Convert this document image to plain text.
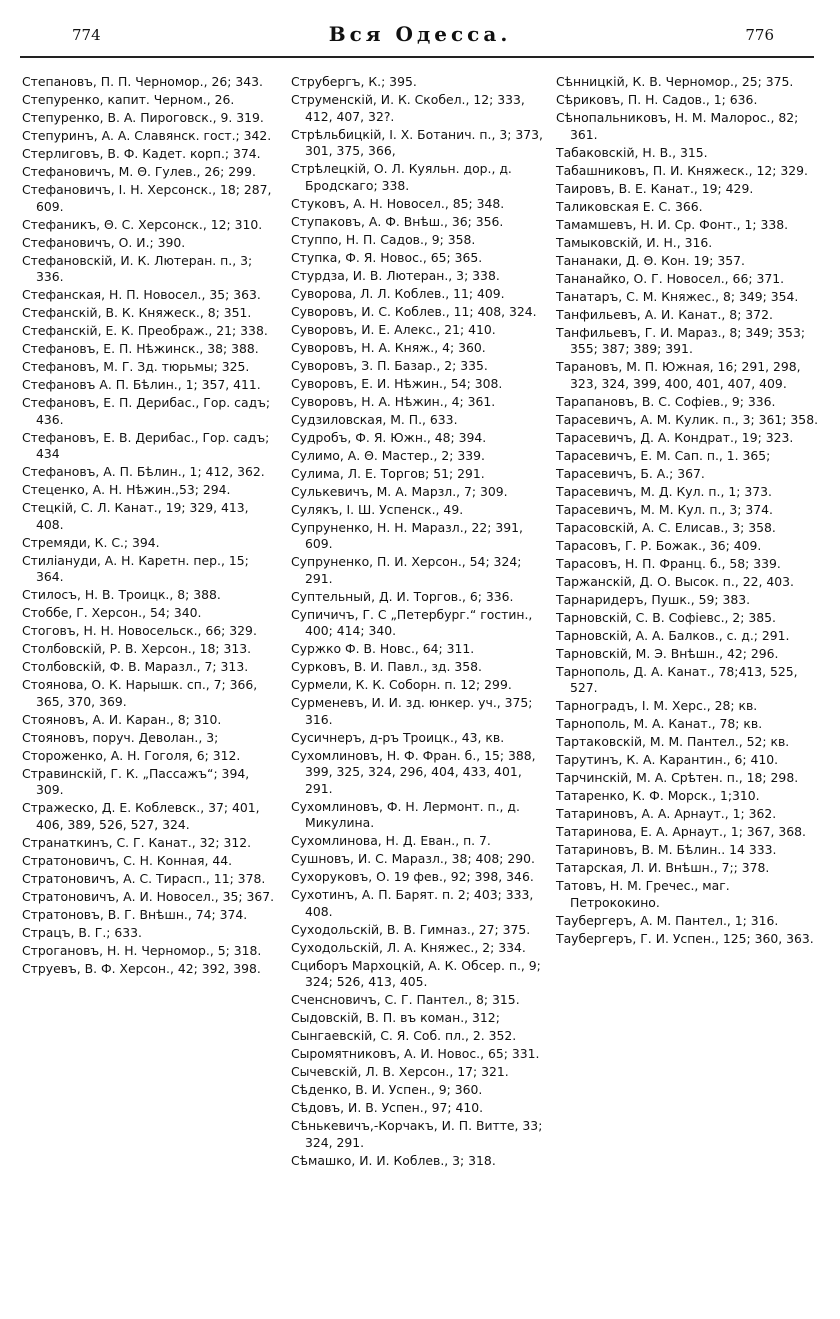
774	Вся Одесса.	776
Степановъ, П. П. Черномор., 26; 343.
Степуренко, капит. Черном., 26.
Степуренко, В. А. Пироговск., 9. 319.
Степуринъ, А. А. Славянск. гост.; 342.
Стерлиговъ, В. Ф. Кадет. корп.; 374.
Стефановичъ, М. Θ. Гулев., 26; 299.
Стефановичъ, І. Н. Херсонск., 18; 287, 609.
Стефаникъ, Θ. С. Херсонск., 12; 310.
Стефановичъ, О. И.; 390.
Стефановскій, И. К. Лютеран. п., 3; 336.
Стефанская, Н. П. Новосел., 35; 363.
Стефанскій, В. К. Княжеск., 8; 351.
Стефанскій, Е. К. Преображ., 21; 338.
Стефановъ, Е. П. Нѣжинск., 38; 388.
Стефановъ, М. Г. Зд. тюрьмы; 325.
Стефановъ А. П. Бѣлин., 1; 357, 411.
Стефановъ, Е. П. Дерибас., Гор. садъ; 436.
Стефановъ, Е. В. Дерибас., Гор. садъ; 434
Стефановъ, А. П. Бѣлин., 1; 412, 362.
Стеценко, А. Н. Нѣжин.,53; 294.
Стецкій, С. Л. Канат., 19; 329, 413, 408.
Стремяди, К. С.; 394.
Стиліануди, А. Н. Каретн. пер., 15; 364.
Стилосъ, Н. В. Троицк., 8; 388.
Стоббе, Г. Херсон., 54; 340.
Стоговъ, Н. Н. Новосельск., 66; 329.
Столбовскій, Р. В. Херсон., 18; 313.
Столбовскій, Ф. В. Маразл., 7; 313.
Стоянова, О. К. Нарышк. сп., 7; 366, 365, 370, 369.
Стояновъ, А. И. Каран., 8; 310.
Стояновъ, поруч. Деволан., 3;
Стороженко, А. Н. Гоголя, 6; 312.
Стравинскій, Г. К. „Пассажъ“; 394, 309.
Стражеско, Д. Е. Коблевск., 37; 401, 406, 389, 526, 527, 324.
Странаткинъ, С. Г. Канат., 32; 312.
Стратоновичъ, С. Н. Конная, 44.
Стратоновичъ, А. С. Тирасп., 11; 378.
Стратоновичъ, А. И. Новосел., 35; 367.
Стратоновъ, В. Г. Внѣшн., 74; 374.
Страцъ, В. Г.; 633.
Строгановъ, Н. Н. Черномор., 5; 318.
Струевъ, В. Ф. Херсон., 42; 392, 398.
Струбергъ, К.; 395.
Струменскій, И. К. Скобел., 12; 333, 412, 407, 32?.
Стрѣльбицкій, І. Х. Ботанич. п., 3; 373, 301, 375, 366,
Стрѣлецкій, О. Л. Куяльн. дор., д. Бродскаго; 338.
Стуковъ, А. Н. Новосел., 85; 348.
Ступаковъ, А. Ф. Внѣш., 36; 356.
Ступпо, Н. П. Садов., 9; 358.
Ступка, Ф. Я. Новос., 65; 365.
Стурдза, И. В. Лютеран., 3; 338.
Суворова, Л. Л. Коблев., 11; 409.
Суворовъ, И. С. Коблев., 11; 408, 324.
Суворовъ, И. Е. Алекс., 21; 410.
Суворовъ, Н. А. Княж., 4; 360.
Суворовъ, З. П. Базар., 2; 335.
Суворовъ, Е. И. Нѣжин., 54; 308.
Суворовъ, Н. А. Нѣжин., 4; 361.
Судзиловская, М. П., 633.
Судробъ, Ф. Я. Южн., 48; 394.
Сулимо, А. Θ. Мастер., 2; 339.
Сулима, Л. Е. Торгов; 51; 291.
Сулькевичъ, М. А. Марзл., 7; 309.
Сулякъ, І. Ш. Успенск., 49.
Супруненко, Н. Н. Маразл., 22; 391, 609.
Супруненко, П. И. Херсон., 54; 324; 291.
Суптельный, Д. И. Торгов., 6; 336.
Супичичъ, Г. С „Петербург.“ гостин., 400; 414; 340.
Суржко Ф. В. Новс., 64; 311.
Сурковъ, В. И. Павл., зд. 358.
Сурмели, К. К. Соборн. п. 12; 299.
Сурменевъ, И. И. зд. юнкер. уч., 375; 316.
Сусичнеръ, д-ръ Троицк., 43, кв.
Сухомлиновъ, Н. Ф. Фран. б., 15; 388, 399, 325, 324, 296, 404, 433, 401, 291.
Сухомлиновъ, Ф. Н. Лермонт. п., д. Микулина.
Сухомлинова, Н. Д. Еван., п. 7.
Сушновъ, И. С. Маразл., 38; 408; 290.
Сухоруковъ, О. 19 фев., 92; 398, 346.
Сухотинъ, А. П. Барят. п. 2; 403; 333, 408.
Суходольскій, В. В. Гимназ., 27; 375.
Суходольскій, Л. А. Княжес., 2; 334.
Сциборъ Мархоцкій, А. К. Обсер. п., 9; 324; 526, 413, 405.
Сченсновичъ, С. Г. Пантел., 8; 315.
Сыдовскій, В. П. въ коман., 312;
Сынгаевскій, С. Я. Соб. пл., 2. 352.
Сыромятниковъ, А. И. Новос., 65; 331.
Сычевскій, Л. В. Херсон., 17; 321.
Сѣденко, В. И. Успен., 9; 360.
Сѣдовъ, И. В. Успен., 97; 410.
Сѣнькевичъ,-Корчакъ, И. П. Витте, 33; 324, 291.
Сѣмашко, И. И. Коблев., 3; 318.
Сѣнницкій, К. В. Черномор., 25; 375.
Сѣриковъ, П. Н. Садов., 1; 636.
Сѣнопальниковъ, Н. М. Малорос., 82; 361.
Табаковскій, Н. В., 315.
Табашниковъ, П. И. Княжеск., 12; 329.
Таировъ, В. Е. Канат., 19; 429.
Таликовская Е. С. 366.
Тамамшевъ, Н. И. Ср. Фонт., 1; 338.
Тамыковскій, И. Н., 316.
Тананаки, Д. Θ. Кон. 19; 357.
Тананайко, О. Г. Новосел., 66; 371.
Танатаръ, С. М. Княжес., 8; 349; 354.
Танфильевъ, А. И. Канат., 8; 372.
Танфильевъ, Г. И. Мараз., 8; 349; 353; 355; 387; 389; 391.
Тарановъ, М. П. Южная, 16; 291, 298, 323, 324, 399, 400, 401, 407, 409.
Тарапановъ, В. С. Софiев., 9; 336.
Тарасевичъ, А. М. Кулик. п., 3; 361; 358.
Тарасевичъ, Д. А. Кондрат., 19; 323.
Тарасевичъ, Е. М. Сап. п., 1. 365;
Тарасевичъ, Б. А.; 367.
Тарасевичъ, М. Д. Кул. п., 1; 373.
Тарасевичъ, М. М. Кул. п., 3; 374.
Тарасовскій, А. С. Елисав., 3; 358.
Тарасовъ, Г. Р. Божак., 36; 409.
Тарасовъ, Н. П. Франц. б., 58; 339.
Таржанскій, Д. О. Высок. п., 22, 403.
Тарнаридеръ, Пушк., 59; 383.
Тарновскій, С. В. Софiевс., 2; 385.
Тарновскій, А. А. Балков., с. д.; 291.
Тарновскій, М. Э. Внѣшн., 42; 296.
Тарнополь, Д. А. Канат., 78;413, 525, 527.
Тарноградъ, І. М. Херс., 28; кв.
Тарнополь, М. А. Канат., 78; кв.
Тартаковскій, М. М. Пантел., 52; кв.
Тарутинъ, К. А. Карантин., 6; 410.
Тарчинскій, М. А. Срѣтен. п., 18; 298.
Татаренко, К. Ф. Морск., 1;310.
Татариновъ, А. А. Арнаут., 1; 362.
Татаринова, Е. А. Арнаут., 1; 367, 368.
Татариновъ, В. М. Бѣлин.. 14 333.
Татарская, Л. И. Внѣшн., 7;; 378.
Татовъ, Н. М. Гречес., маг. Петрококино.
Таубергеръ, А. М. Пантел., 1; 316.
Таубергеръ, Г. И. Успен., 125; 360, 363.
